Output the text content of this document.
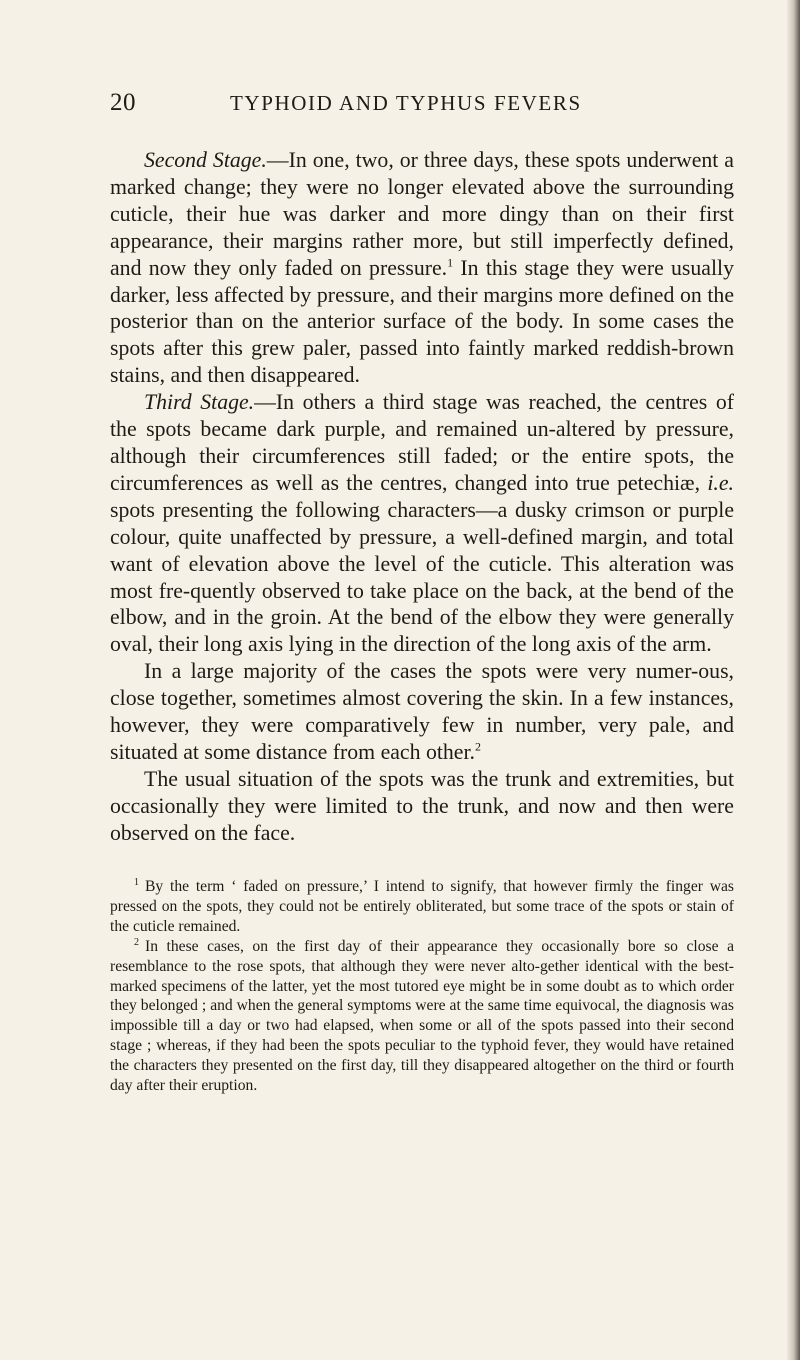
20	TYPHOID AND TYPHUS FEVERS

Second Stage.—In one, two, or three days, these spots underwent a marked change; they were no longer elevated above the surrounding cuticle, their hue was darker and more dingy than on their first appearance, their margins rather more, but still imperfectly defined, and now they only faded on pressure.$^1$ In this stage they were usually darker, less affected by pressure, and their margins more defined on the posterior than on the anterior surface of the body. In some cases the spots after this grew paler, passed into faintly marked reddish-brown stains, and then disappeared.

Third Stage.—In others a third stage was reached, the centres of the spots became dark purple, and remained un-altered by pressure, although their circumferences still faded; or the entire spots, the circumferences as well as the centres, changed into true petechiæ, i.e. spots presenting the following characters—a dusky crimson or purple colour, quite unaffected by pressure, a well-defined margin, and total want of elevation above the level of the cuticle. This alteration was most fre-quently observed to take place on the back, at the bend of the elbow, and in the groin. At the bend of the elbow they were generally oval, their long axis lying in the direction of the long axis of the arm.

In a large majority of the cases the spots were very numer-ous, close together, sometimes almost covering the skin. In a few instances, however, they were comparatively few in number, very pale, and situated at some distance from each other.$^2$

The usual situation of the spots was the trunk and extremities, but occasionally they were limited to the trunk, and now and then were observed on the face.

$^1$ By the term ‘ faded on pressure,’ I intend to signify, that however firmly the finger was pressed on the spots, they could not be entirely obliterated, but some trace of the spots or stain of the cuticle remained.

$^2$ In these cases, on the first day of their appearance they occasionally bore so close a resemblance to the rose spots, that although they were never alto-gether identical with the best-marked specimens of the latter, yet the most tutored eye might be in some doubt as to which order they belonged ; and when the general symptoms were at the same time equivocal, the diagnosis was impossible till a day or two had elapsed, when some or all of the spots passed into their second stage ; whereas, if they had been the spots peculiar to the typhoid fever, they would have retained the characters they presented on the first day, till they disappeared altogether on the third or fourth day after their eruption.
